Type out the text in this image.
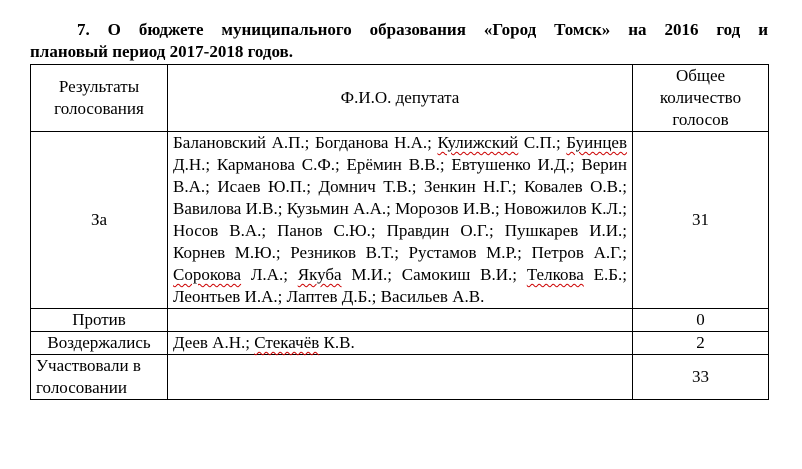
7. О бюджете муниципального образования «Город Томск» на 2016 год и
плановый период 2017-2018 годов.
Результаты голосования	Ф.И.О. депутата	Общее количество голосов
За	Балановский А.П.; Богданова Н.А.; Кулижский С.П.; Буинцев Д.Н.; Карманова С.Ф.; Ерёмин В.В.; Евтушенко И.Д.; Верин В.А.; Исаев Ю.П.; Домнич Т.В.; Зенкин Н.Г.; Ковалев О.В.; Вавилова И.В.; Кузьмин А.А.; Морозов И.В.; Новожилов К.Л.; Носов В.А.; Панов С.Ю.; Правдин О.Г.; Пушкарев И.И.; Корнев М.Ю.; Резников В.Т.; Рустамов М.Р.; Петров А.Г.; Сорокова Л.А.; Якуба М.И.; Самокиш В.И.; Телкова Е.Б.; Леонтьев И.А.; Лаптев Д.Б.; Васильев А.В.	31
Против		0
Воздержались	Деев А.Н.; Стекачёв К.В.	2
Участвовали в голосовании		33
